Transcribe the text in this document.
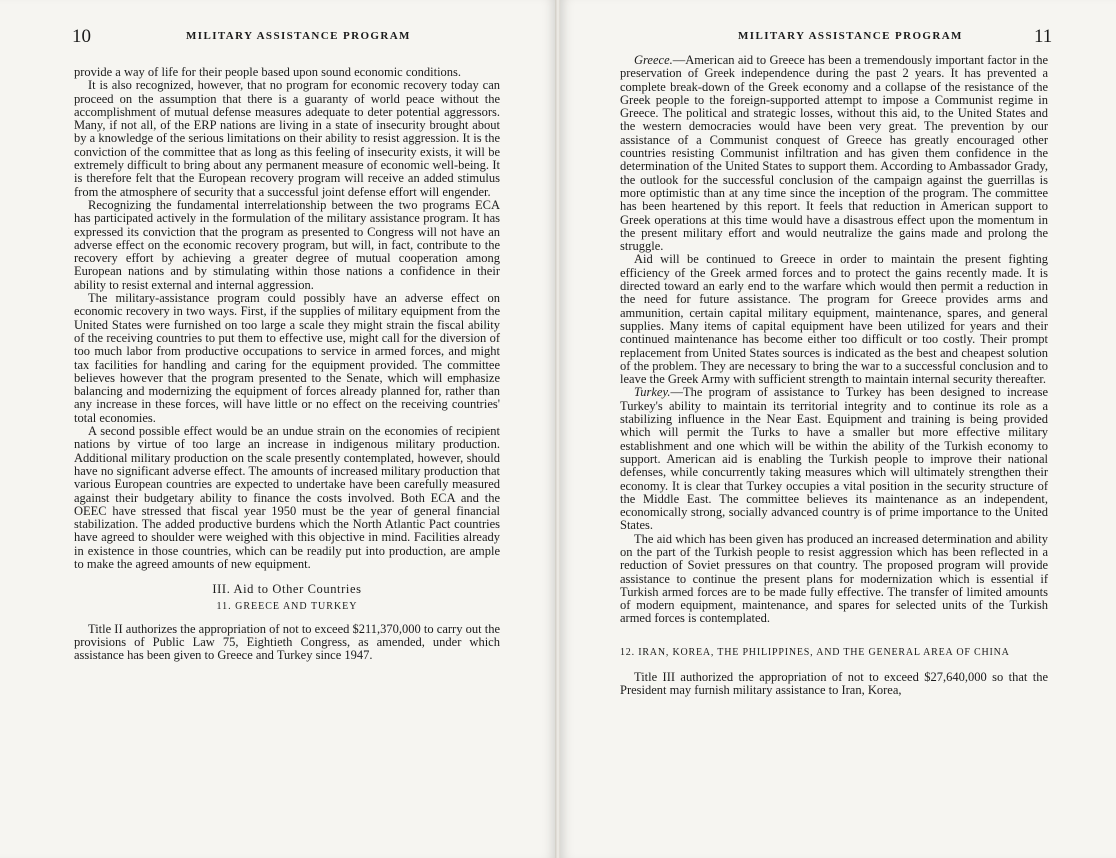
10	MILITARY ASSISTANCE PROGRAM

provide a way of life for their people based upon sound economic conditions.

It is also recognized, however, that no program for economic recovery today can proceed on the assumption that there is a guaranty of world peace without the accomplishment of mutual defense measures adequate to deter potential aggressors. Many, if not all, of the ERP nations are living in a state of insecurity brought about by a knowledge of the serious limitations on their ability to resist aggression. It is the conviction of the committee that as long as this feeling of insecurity exists, it will be extremely difficult to bring about any permanent measure of economic well-being. It is therefore felt that the European recovery program will receive an added stimulus from the atmosphere of security that a successful joint defense effort will engender.

Recognizing the fundamental interrelationship between the two programs ECA has participated actively in the formulation of the military assistance program. It has expressed its conviction that the program as presented to Congress will not have an adverse effect on the economic recovery program, but will, in fact, contribute to the recovery effort by achieving a greater degree of mutual cooperation among European nations and by stimulating within those nations a confidence in their ability to resist external and internal aggression.

The military-assistance program could possibly have an adverse effect on economic recovery in two ways. First, if the supplies of military equipment from the United States were furnished on too large a scale they might strain the fiscal ability of the receiving countries to put them to effective use, might call for the diversion of too much labor from productive occupations to service in armed forces, and might tax facilities for handling and caring for the equipment provided. The committee believes however that the program presented to the Senate, which will emphasize balancing and modernizing the equipment of forces already planned for, rather than any increase in these forces, will have little or no effect on the receiving countries' total economies.

A second possible effect would be an undue strain on the economies of recipient nations by virtue of too large an increase in indigenous military production. Additional military production on the scale presently contemplated, however, should have no significant adverse effect. The amounts of increased military production that various European countries are expected to undertake have been carefully measured against their budgetary ability to finance the costs involved. Both ECA and the OEEC have stressed that fiscal year 1950 must be the year of general financial stabilization. The added productive burdens which the North Atlantic Pact countries have agreed to shoulder were weighed with this objective in mind. Facilities already in existence in those countries, which can be readily put into production, are ample to make the agreed amounts of new equipment.

III. Aid to Other Countries
11. GREECE AND TURKEY

Title II authorizes the appropriation of not to exceed $211,370,000 to carry out the provisions of Public Law 75, Eightieth Congress, as amended, under which assistance has been given to Greece and Turkey since 1947.

MILITARY ASSISTANCE PROGRAM	11

Greece.—American aid to Greece has been a tremendously important factor in the preservation of Greek independence during the past 2 years. It has prevented a complete break-down of the Greek economy and a collapse of the resistance of the Greek people to the foreign-supported attempt to impose a Communist regime in Greece. The political and strategic losses, without this aid, to the United States and the western democracies would have been very great. The prevention by our assistance of a Communist conquest of Greece has greatly encouraged other countries resisting Communist infiltration and has given them confidence in the determination of the United States to support them. According to Ambassador Grady, the outlook for the successful conclusion of the campaign against the guerrillas is more optimistic than at any time since the inception of the program. The committee has been heartened by this report. It feels that reduction in American support to Greek operations at this time would have a disastrous effect upon the momentum in the present military effort and would neutralize the gains made and prolong the struggle.

Aid will be continued to Greece in order to maintain the present fighting efficiency of the Greek armed forces and to protect the gains recently made. It is directed toward an early end to the warfare which would then permit a reduction in the need for future assistance. The program for Greece provides arms and ammunition, certain capital military equipment, maintenance, spares, and general supplies. Many items of capital equipment have been utilized for years and their continued maintenance has become either too difficult or too costly. Their prompt replacement from United States sources is indicated as the best and cheapest solution of the problem. They are necessary to bring the war to a successful conclusion and to leave the Greek Army with sufficient strength to maintain internal security thereafter.

Turkey.—The program of assistance to Turkey has been designed to increase Turkey's ability to maintain its territorial integrity and to continue its role as a stabilizing influence in the Near East. Equipment and training is being provided which will permit the Turks to have a smaller but more effective military establishment and one which will be within the ability of the Turkish economy to support. American aid is enabling the Turkish people to improve their national defenses, while concurrently taking measures which will ultimately strengthen their economy. It is clear that Turkey occupies a vital position in the security structure of the Middle East. The committee believes its maintenance as an independent, economically strong, socially advanced country is of prime importance to the United States.

The aid which has been given has produced an increased determination and ability on the part of the Turkish people to resist aggression which has been reflected in a reduction of Soviet pressures on that country. The proposed program will provide assistance to continue the present plans for modernization which is essential if Turkish armed forces are to be made fully effective. The transfer of limited amounts of modern equipment, maintenance, and spares for selected units of the Turkish armed forces is contemplated.

12. IRAN, KOREA, THE PHILIPPINES, AND THE GENERAL AREA OF CHINA

Title III authorized the appropriation of not to exceed $27,640,000 so that the President may furnish military assistance to Iran, Korea,
